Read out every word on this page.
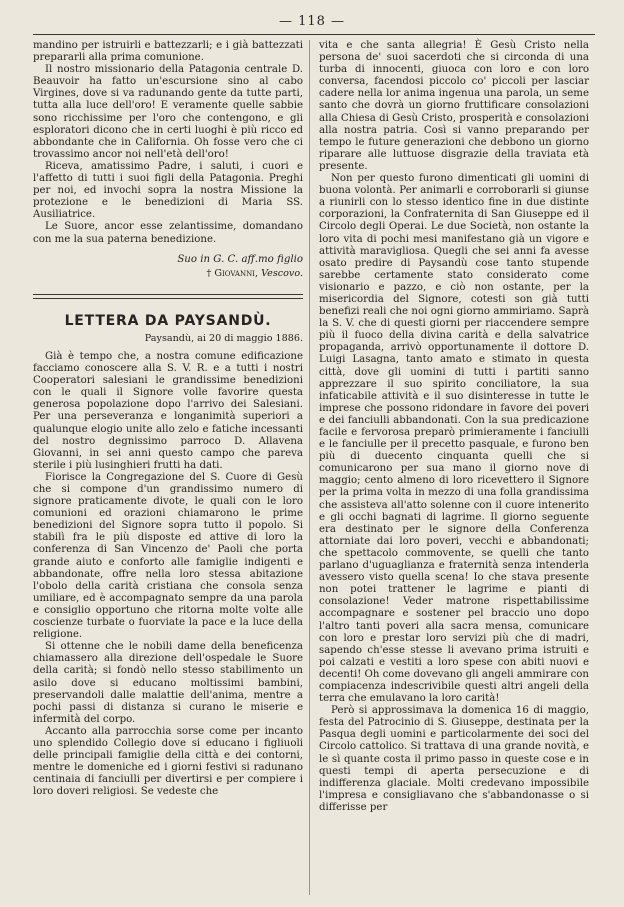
— 118 —

mandino per istruirli e battezzarli; e i già battezzati prepararli alla prima comunione.

Il nostro missionario della Patagonia centrale D. Beauvoir ha fatto un'escursione sino al cabo Virgines, dove si va radunando gente da tutte parti, tutta alla luce dell'oro! E veramente quelle sabbie sono ricchissime per l'oro che contengono, e gli esploratori dicono che in certi luoghi è più ricco ed abbondante che in California. Oh fosse vero che ci trovassimo ancor noi nell'età dell'oro!

Riceva, amatissimo Padre, i saluti, i cuori e l'affetto di tutti i suoi figli della Patagonia. Preghi per noi, ed invochi sopra la nostra Missione la protezione e le benedizioni di Maria SS. Ausiliatrice.

Le Suore, ancor esse zelantissime, domandano con me la sua paterna benedizione.

Suo in G. C. aff.mo figlio
† Giovanni, Vescovo.
LETTERA DA PAYSANDÙ.
Paysandù, ai 20 di maggio 1886.

Già è tempo che, a nostra comune edificazione facciamo conoscere alla S. V. R. e a tutti i nostri Cooperatori salesiani le grandissime benedizioni con le quali il Signore volle favorire questa generosa popolazione dopo l'arrivo dei Salesiani. Per una perseveranza e longanimità superiori a qualunque elogio unite allo zelo e fatiche incessanti del nostro degnissimo parroco D. Allavena Giovanni, in sei anni questo campo che pareva sterile i più lusinghieri frutti ha dati.

Fiorisce la Congregazione del S. Cuore di Gesù che si compone d'un grandissimo numero di signore praticamente divote, le quali con le loro comunioni ed orazioni chiamarono le prime benedizioni del Signore sopra tutto il popolo. Si stabilì fra le più disposte ed attive di loro la conferenza di San Vincenzo de' Paoli che porta grande aiuto e conforto alle famiglie indigenti e abbandonate, offre nella loro stessa abitazione l'obolo della carità cristiana che consola senza umiliare, ed è accompagnato sempre da una parola e consiglio opportuno che ritorna molte volte alle coscienze turbate o fuorviate la pace e la luce della religione.

Si ottenne che le nobili dame della beneficenza chiamassero alla direzione dell'ospedale le Suore della carità; si fondò nello stesso stabilimento un asilo dove si educano moltissimi bambini, preservandoli dalle malattie dell'anima, mentre a pochi passi di distanza si curano le miserie e infermità del corpo.

Accanto alla parrocchia sorse come per incanto uno splendido Collegio dove si educano i figliuoli delle principali famiglie della città e dei contorni, mentre le domeniche ed i giorni festivi si radunano centinaia di fanciulli per divertirsi e per compiere i loro doveri religiosi. Se vedeste che

vita e che santa allegria! È Gesù Cristo nella persona de' suoi sacerdoti che si circonda di una turba di innocenti, giuoca con loro e con loro conversa, facendosi piccolo co' piccoli per lasciar cadere nella lor anima ingenua una parola, un seme santo che dovrà un giorno fruttificare consolazioni alla Chiesa di Gesù Cristo, prosperità e consolazioni alla nostra patria. Così si vanno preparando per tempo le future generazioni che debbono un giorno riparare alle luttuose disgrazie della traviata età presente.

Non per questo furono dimenticati gli uomini di buona volontà. Per animarli e corroborarli si giunse a riunirli con lo stesso identico fine in due distinte corporazioni, la Confraternita di San Giuseppe ed il Circolo degli Operai. Le due Società, non ostante la loro vita di pochi mesi manifestano già un vigore e attività maravigliosa. Quegli che sei anni fa avesse osato predire di Paysandù cose tanto stupende sarebbe certamente stato considerato come visionario e pazzo, e ciò non ostante, per la misericordia del Signore, cotesti son già tutti benefizi reali che noi ogni giorno ammiriamo. Saprà la S. V. che di questi giorni per riaccendere sempre più il fuoco della divina carità e della salvatrice propaganda, arrivò opportunamente il dottore D. Luigi Lasagna, tanto amato e stimato in questa città, dove gli uomini di tutti i partiti sanno apprezzare il suo spirito conciliatore, la sua infaticabile attività e il suo disinteresse in tutte le imprese che possono ridondare in favore dei poveri e dei fanciulli abbandonati. Con la sua predicazione facile e fervorosa preparò primieramente i fanciulli e le fanciulle per il precetto pasquale, e furono ben più di duecento cinquanta quelli che si comunicarono per sua mano il giorno nove di maggio; cento almeno di loro ricevettero il Signore per la prima volta in mezzo di una folla grandissima che assisteva all'atto solenne con il cuore intenerito e gli occhi bagnati di lagrime. Il giorno seguente era destinato per le signore della Conferenza attorniate dai loro poveri, vecchi e abbandonati; che spettacolo commovente, se quelli che tanto parlano d'uguaglianza e fraternità senza intenderla avessero visto quella scena! Io che stava presente non potei trattener le lagrime e pianti di consolazione! Veder matrone rispettabilissime accompagnare e sostener pel braccio uno dopo l'altro tanti poveri alla sacra mensa, comunicare con loro e prestar loro servizi più che di madri, sapendo ch'esse stesse li avevano prima istruiti e poi calzati e vestiti a loro spese con abiti nuovi e decenti! Oh come dovevano gli angeli ammirare con compiacenza indescrivibile questi altri angeli della terra che emulavano la loro carità!

Però si approssimava la domenica 16 di maggio, festa del Patrocinio di S. Giuseppe, destinata per la Pasqua degli uomini e particolarmente dei soci del Circolo cattolico. Si trattava di una grande novità, e le sì quante costa il primo passo in queste cose e in questi tempi di aperta persecuzione e di indifferenza glaciale. Molti credevano impossibile l'impresa e consigliavano che s'abbandonasse o si differisse per
